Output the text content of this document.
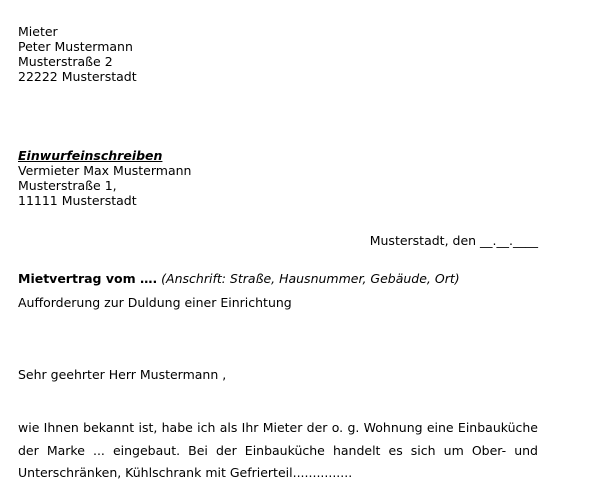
Mieter
Peter Mustermann
Musterstraße 2
22222 Musterstadt
Einwurfeinschreiben
Vermieter Max Mustermann
Musterstraße 1,
11111 Musterstadt
Musterstadt, den __.__.____
Mietvertrag vom …. (Anschrift: Straße, Hausnummer, Gebäude, Ort)
Aufforderung zur Duldung einer Einrichtung
Sehr geehrter Herr Mustermann ,
wie Ihnen bekannt ist, habe ich als Ihr Mieter der o. g. Wohnung eine Einbauküche der Marke ... eingebaut. Bei der Einbauküche handelt es sich um Ober- und Unterschränken, Kühlschrank mit Gefrierteil...............
